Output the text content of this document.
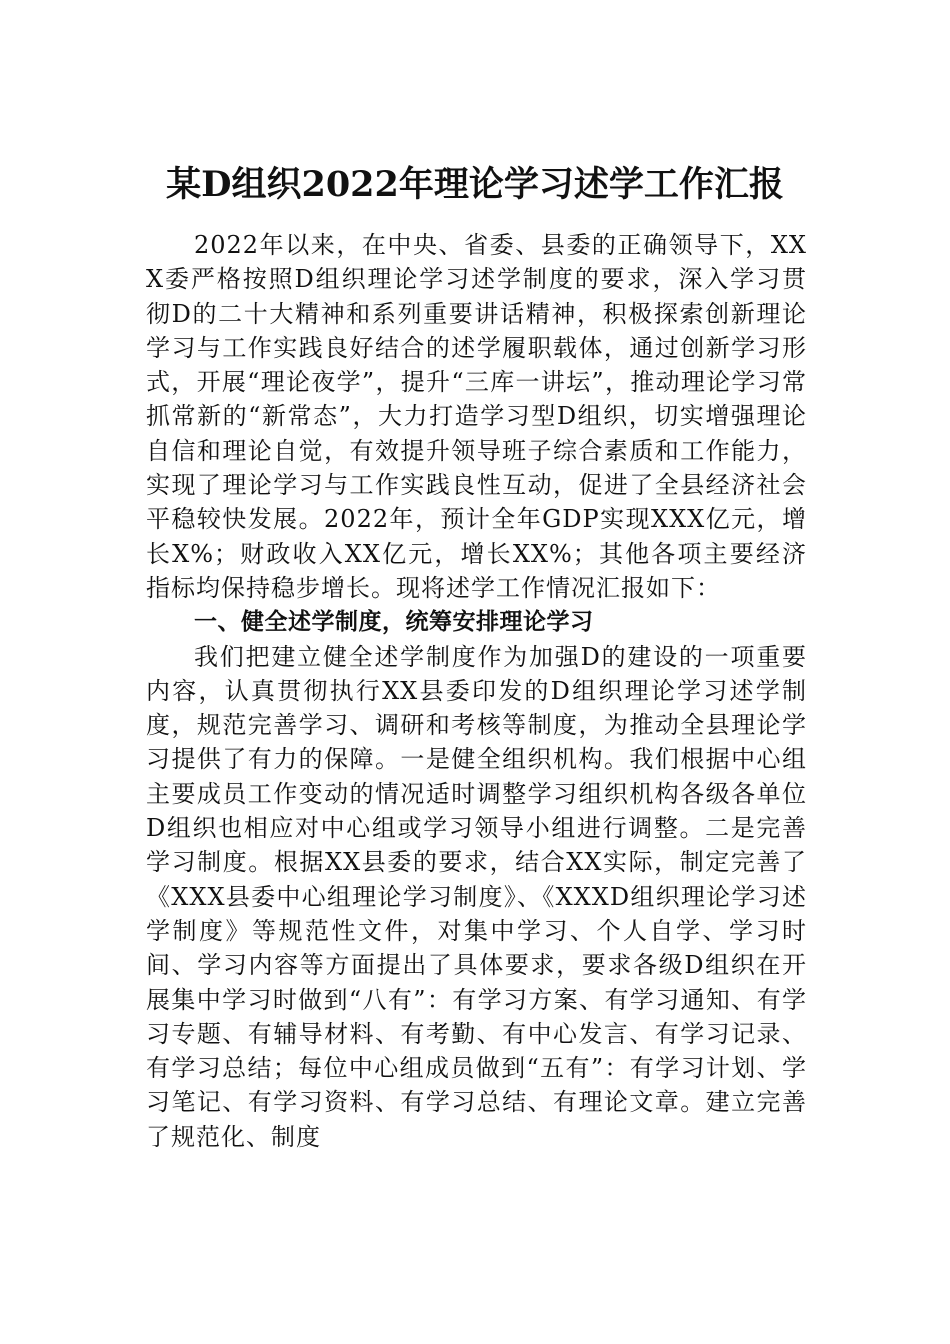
某D组织2022年理论学习述学工作汇报

2022年以来，在中央、省委、县委的正确领导下，XXX委严格按照D组织理论学习述学制度的要求，深入学习贯彻D的二十大精神和系列重要讲话精神，积极探索创新理论学习与工作实践良好结合的述学履职载体，通过创新学习形式，开展“理论夜学”，提升“三库一讲坛”，推动理论学习常抓常新的“新常态”，大力打造学习型D组织，切实增强理论自信和理论自觉，有效提升领导班子综合素质和工作能力，实现了理论学习与工作实践良性互动，促进了全县经济社会平稳较快发展。2022年，预计全年GDP实现XXX亿元，增长X%；财政收入XX亿元，增长XX%；其他各项主要经济指标均保持稳步增长。现将述学工作情况汇报如下：

一、健全述学制度，统筹安排理论学习

我们把建立健全述学制度作为加强D的建设的一项重要内容，认真贯彻执行XX县委印发的D组织理论学习述学制度，规范完善学习、调研和考核等制度，为推动全县理论学习提供了有力的保障。一是健全组织机构。我们根据中心组主要成员工作变动的情况适时调整学习组织机构各级各单位D组织也相应对中心组或学习领导小组进行调整。二是完善学习制度。根据XX县委的要求，结合XX实际，制定完善了《XXX县委中心组理论学习制度》、《XXXD组织理论学习述学制度》等规范性文件，对集中学习、个人自学、学习时间、学习内容等方面提出了具体要求，要求各级D组织在开展集中学习时做到“八有”：有学习方案、有学习通知、有学习专题、有辅导材料、有考勤、有中心发言、有学习记录、有学习总结；每位中心组成员做到“五有”：有学习计划、学习笔记、有学习资料、有学习总结、有理论文章。建立完善了规范化、制度
